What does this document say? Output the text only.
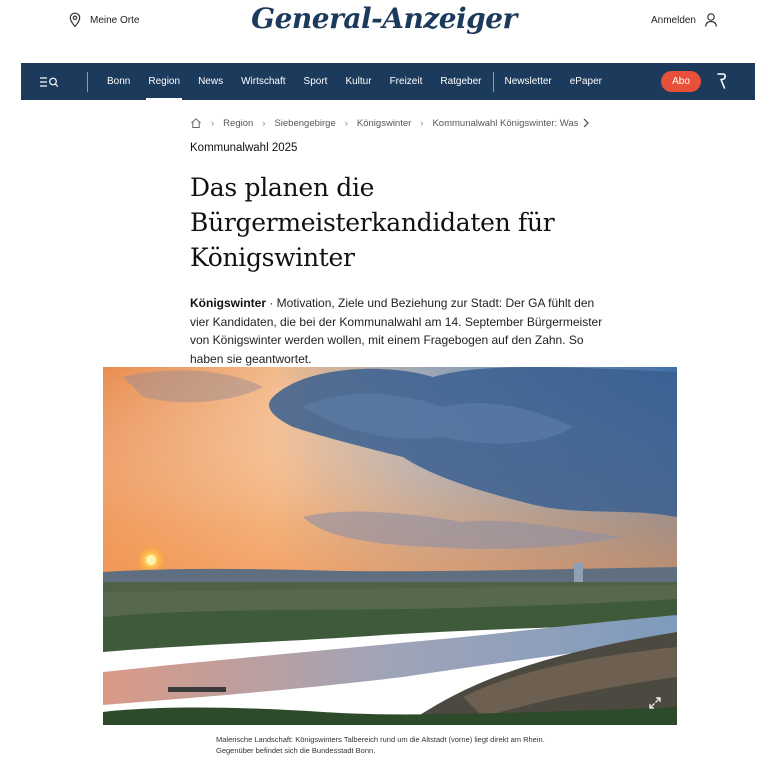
Meine Orte	General-Anzeiger	Anmelden
Bonn	Region	News	Wirtschaft	Sport	Kultur	Freizeit	Ratgeber	Newsletter	ePaper	Abo
› Region › Siebengebirge › Königswinter › Kommunalwahl Königswinter: Was
Kommunalwahl 2025
Das planen die Bürgermeisterkandidaten für Königswinter

Königswinter · Motivation, Ziele und Beziehung zur Stadt: Der GA fühlt den vier Kandidaten, die bei der Kommunalwahl am 14. September Bürgermeister von Königswinter werden wollen, mit einem Fragebogen auf den Zahn. So haben sie geantwortet.

Malerische Landschaft: Königswinters Talbereich rund um die Altstadt (vorne) liegt direkt am Rhein. Gegenüber befindet sich die Bundesstadt Bonn.
